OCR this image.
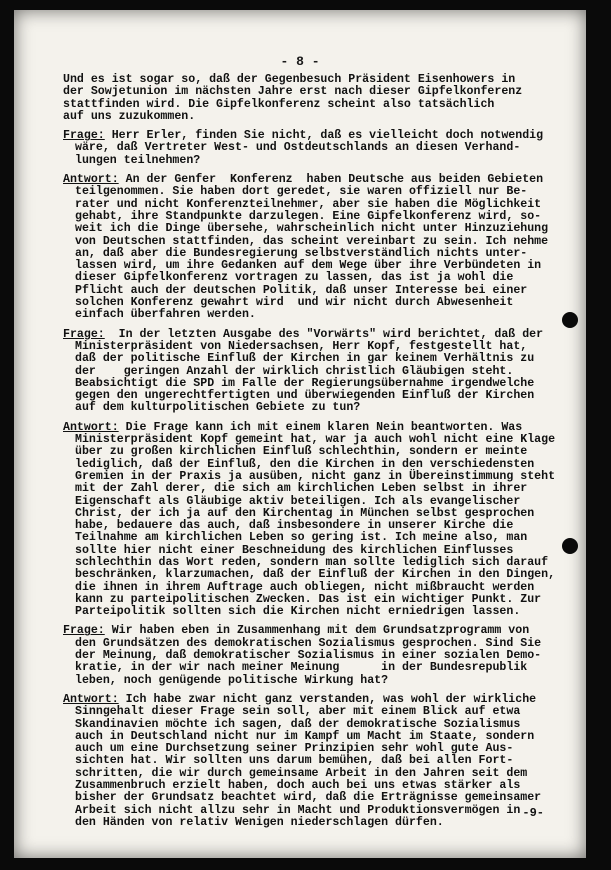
- 8 -
Und es ist sogar so, daß der Gegenbesuch Präsident Eisenhowers in
der Sowjetunion im nächsten Jahre erst nach dieser Gipfelkonferenz
stattfinden wird. Die Gipfelkonferenz scheint also tatsächlich
auf uns zuzukommen.
Frage: Herr Erler, finden Sie nicht, daß es vielleicht doch notwendig
wäre, daß Vertreter West- und Ostdeutschlands an diesen Verhand-
lungen teilnehmen?
Antwort: An der Genfer  Konferenz  haben Deutsche aus beiden Gebieten
teilgenommen. Sie haben dort geredet, sie waren offiziell nur Be-
rater und nicht Konferenzteilnehmer, aber sie haben die Möglichkeit
gehabt, ihre Standpunkte darzulegen. Eine Gipfelkonferenz wird, so-
weit ich die Dinge übersehe, wahrscheinlich nicht unter Hinzuziehung
von Deutschen stattfinden, das scheint vereinbart zu sein. Ich nehme
an, daß aber die Bundesregierung selbstverständlich nichts unter-
lassen wird, um ihre Gedanken auf dem Wege über ihre Verbündeten in
dieser Gipfelkonferenz vortragen zu lassen, das ist ja wohl die
Pflicht auch der deutschen Politik, daß unser Interesse bei einer
solchen Konferenz gewahrt wird  und wir nicht durch Abwesenheit
einfach überfahren werden.
Frage:  In der letzten Ausgabe des "Vorwärts" wird berichtet, daß der
Ministerpräsident von Niedersachsen, Herr Kopf, festgestellt hat,
daß der politische Einfluß der Kirchen in gar keinem Verhältnis zu
der    geringen Anzahl der wirklich christlich Gläubigen steht.
Beabsichtigt die SPD im Falle der Regierungsübernahme irgendwelche
gegen den ungerechtfertigten und überwiegenden Einfluß der Kirchen
auf dem kulturpolitischen Gebiete zu tun?
Antwort: Die Frage kann ich mit einem klaren Nein beantworten. Was
Ministerpräsident Kopf gemeint hat, war ja auch wohl nicht eine Klage
über zu großen kirchlichen Einfluß schlechthin, sondern er meinte
lediglich, daß der Einfluß, den die Kirchen in den verschiedensten
Gremien in der Praxis ja ausüben, nicht ganz in Übereinstimmung steht
mit der Zahl derer, die sich am kirchlichen Leben selbst in ihrer
Eigenschaft als Gläubige aktiv beteiligen. Ich als evangelischer
Christ, der ich ja auf den Kirchentag in München selbst gesprochen
habe, bedauere das auch, daß insbesondere in unserer Kirche die
Teilnahme am kirchlichen Leben so gering ist. Ich meine also, man
sollte hier nicht einer Beschneidung des kirchlichen Einflusses
schlechthin das Wort reden, sondern man sollte lediglich sich darauf
beschränken, klarzumachen, daß der Einfluß der Kirchen in den Dingen,
die ihnen in ihrem Auftrage auch obliegen, nicht mißbraucht werden
kann zu parteipolitischen Zwecken. Das ist ein wichtiger Punkt. Zur
Parteipolitik sollten sich die Kirchen nicht erniedrigen lassen.
Frage: Wir haben eben in Zusammenhang mit dem Grundsatzprogramm von
den Grundsätzen des demokratischen Sozialismus gesprochen. Sind Sie
der Meinung, daß demokratischer Sozialismus in einer sozialen Demo-
kratie, in der wir nach meiner Meinung      in der Bundesrepublik
leben, noch genügende politische Wirkung hat?
Antwort: Ich habe zwar nicht ganz verstanden, was wohl der wirkliche
Sinngehalt dieser Frage sein soll, aber mit einem Blick auf etwa
Skandinavien möchte ich sagen, daß der demokratische Sozialismus
auch in Deutschland nicht nur im Kampf um Macht im Staate, sondern
auch um eine Durchsetzung seiner Prinzipien sehr wohl gute Aus-
sichten hat. Wir sollten uns darum bemühen, daß bei allen Fort-
schritten, die wir durch gemeinsame Arbeit in den Jahren seit dem
Zusammenbruch erzielt haben, doch auch bei uns etwas stärker als
bisher der Grundsatz beachtet wird, daß die Erträgnisse gemeinsamer
Arbeit sich nicht allzu sehr in Macht und Produktionsvermögen in
den Händen von relativ Wenigen niederschlagen dürfen.
-9-
